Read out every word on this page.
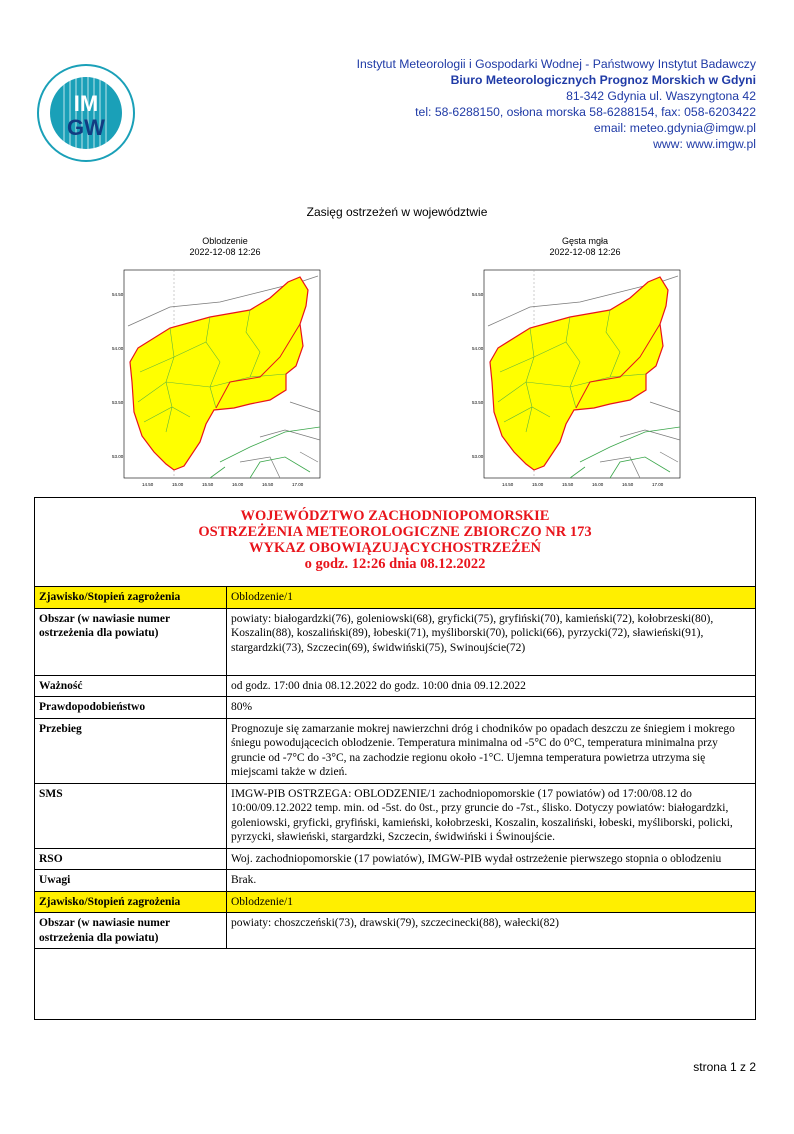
IM
GW
Instytut Meteorologii i Gospodarki Wodnej - Państwowy Instytut Badawczy
Biuro Meteorologicznych Prognoz Morskich w Gdyni
81-342 Gdynia ul. Waszyngtona 42
tel: 58-6288150, osłona morska 58-6288154, fax: 058-6203422
email: meteo.gdynia@imgw.pl
www: www.imgw.pl
Zasięg ostrzeżeń w województwie
Oblodzenie
2022-12-08 12:26
54.50
54.00
53.50
53.00
14.50	15.00	15.50	16.00	16.50	17.00
Gęsta mgła
2022-12-08 12:26
54.50
54.00
53.50
53.00
14.50	15.00	15.50	16.00	16.50	17.00
WOJEWÓDZTWO ZACHODNIOPOMORSKIE
OSTRZEŻENIA METEOROLOGICZNE ZBIORCZO NR 173
WYKAZ OBOWIĄZUJĄCYCHOSTRZEŻEŃ
o godz. 12:26 dnia 08.12.2022
Zjawisko/Stopień zagrożenia	Oblodzenie/1
Obszar (w nawiasie numer ostrzeżenia dla powiatu)	powiaty: białogardzki(76), goleniowski(68), gryficki(75), gryfiński(70), kamieński(72), kołobrzeski(80), Koszalin(88), koszaliński(89), łobeski(71), myśliborski(70), policki(66), pyrzycki(72), sławieński(91), stargardzki(73), Szczecin(69), świdwiński(75), Swinoujście(72)
Ważność	od godz. 17:00 dnia 08.12.2022 do godz. 10:00 dnia 09.12.2022
Prawdopodobieństwo	80%
Przebieg	Prognozuje się zamarzanie mokrej nawierzchni dróg i chodników po opadach deszczu ze śniegiem i mokrego śniegu powodującecich oblodzenie. Temperatura minimalna od -5°C do 0°C, temperatura minimalna przy gruncie od -7°C do -3°C, na zachodzie regionu około -1°C. Ujemna temperatura powietrza utrzyma się miejscami także w dzień.
SMS	IMGW-PIB OSTRZEGA: OBLODZENIE/1 zachodniopomorskie (17 powiatów) od 17:00/08.12 do 10:00/09.12.2022 temp. min. od -5st. do 0st., przy gruncie do -7st., ślisko. Dotyczy powiatów: białogardzki, goleniowski, gryficki, gryfiński, kamieński, kołobrzeski, Koszalin, koszaliński, łobeski, myśliborski, policki, pyrzycki, sławieński, stargardzki, Szczecin, świdwiński i Świnoujście.
RSO	Woj. zachodniopomorskie (17 powiatów), IMGW-PIB wydał ostrzeżenie pierwszego stopnia o oblodzeniu
Uwagi	Brak.
Zjawisko/Stopień zagrożenia	Oblodzenie/1
Obszar (w nawiasie numer ostrzeżenia dla powiatu)	powiaty: choszczeński(73), drawski(79), szczecinecki(88), wałecki(82)
strona 1 z 2
